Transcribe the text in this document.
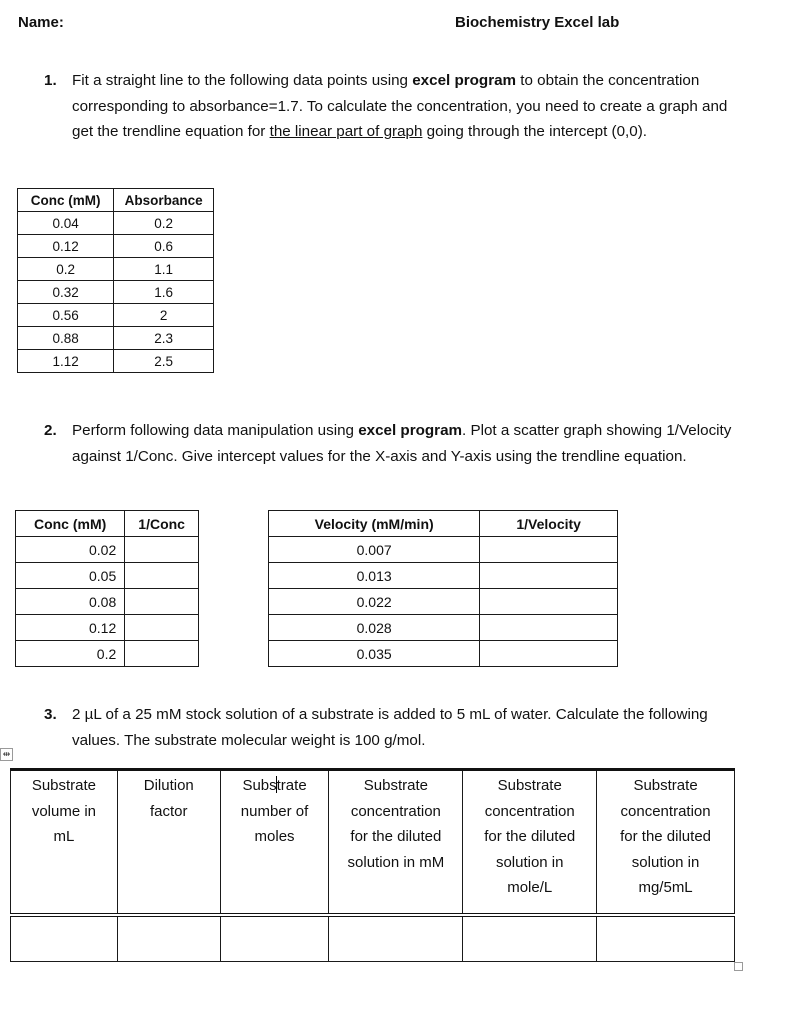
Name:	Biochemistry Excel lab
1. Fit a straight line to the following data points using excel program to obtain the concentration corresponding to absorbance=1.7. To calculate the concentration, you need to create a graph and get the trendline equation for the linear part of graph going through the intercept (0,0).
Conc (mM)	Absorbance
0.04	0.2
0.12	0.6
0.2	1.1
0.32	1.6
0.56	2
0.88	2.3
1.12	2.5
2. Perform following data manipulation using excel program. Plot a scatter graph showing 1/Velocity against 1/Conc. Give intercept values for the X-axis and Y-axis using the trendline equation.
Conc (mM)	1/Conc
0.02	
0.05	
0.08	
0.12	
0.2	
Velocity (mM/min)	1/Velocity
0.007	
0.013	
0.022	
0.028	
0.035	
3. 2 µL of a 25 mM stock solution of a substrate is added to 5 mL of water. Calculate the following values. The substrate molecular weight is 100 g/mol.
⇹
Substrate
volume in
mL

Dilution
factor

Substrate
number of
moles

Substrate
concentration
for the diluted
solution in mM

Substrate
concentration
for the diluted
solution in
mole/L

Substrate
concentration
for the diluted
solution in
mg/5mL
